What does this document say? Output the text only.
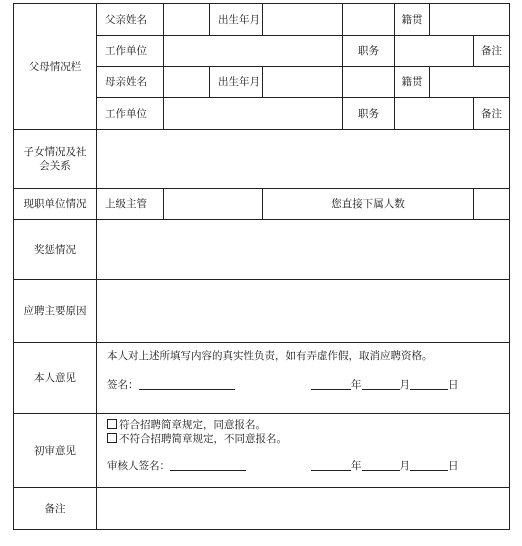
父母情况栏	父亲姓名		出生年月			籍贯			
	工作单位				职务			备注	
	母亲姓名		出生年月			籍贯			
	工作单位				职务			备注	

子女情况及社
会关系									

现职单位情况	上级主管			您直接下属人数					
奖惩情况									
应聘主要原因									
本人意见	本人对上述所填写内容的真实性负责，如有弄虚作假，取消应聘资格。
签名： 年 月 日								

初审意见	符合招聘简章规定，同意报名。
不符合招聘简章规定，不同意报名。
审核人签名： 年 月 日								

备注									
